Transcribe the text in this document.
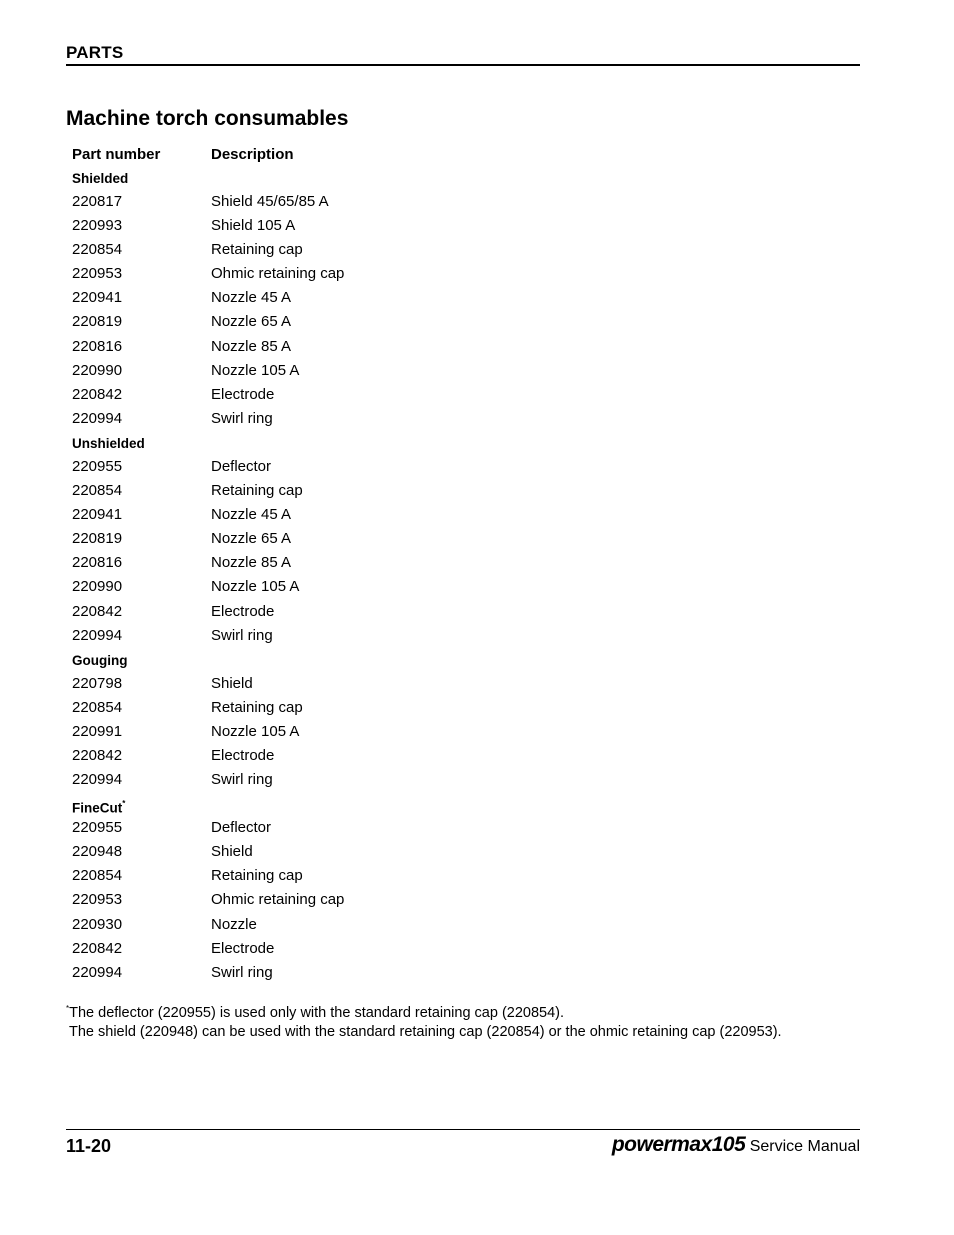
PARTS
Machine torch consumables
Part number	Description
Shielded
220817	Shield 45/65/85 A
220993	Shield 105 A
220854	Retaining cap
220953	Ohmic retaining cap
220941	Nozzle 45 A
220819	Nozzle 65 A
220816	Nozzle 85 A
220990	Nozzle 105 A
220842	Electrode
220994	Swirl ring
Unshielded
220955	Deflector
220854	Retaining cap
220941	Nozzle 45 A
220819	Nozzle 65 A
220816	Nozzle 85 A
220990	Nozzle 105 A
220842	Electrode
220994	Swirl ring
Gouging
220798	Shield
220854	Retaining cap
220991	Nozzle 105 A
220842	Electrode
220994	Swirl ring
FineCut*
220955	Deflector
220948	Shield
220854	Retaining cap
220953	Ohmic retaining cap
220930	Nozzle
220842	Electrode
220994	Swirl ring
*The deflector (220955) is used only with the standard retaining cap (220854).
The shield (220948) can be used with the standard retaining cap (220854) or the ohmic retaining cap (220953).
11-20	powermax105 Service Manual
